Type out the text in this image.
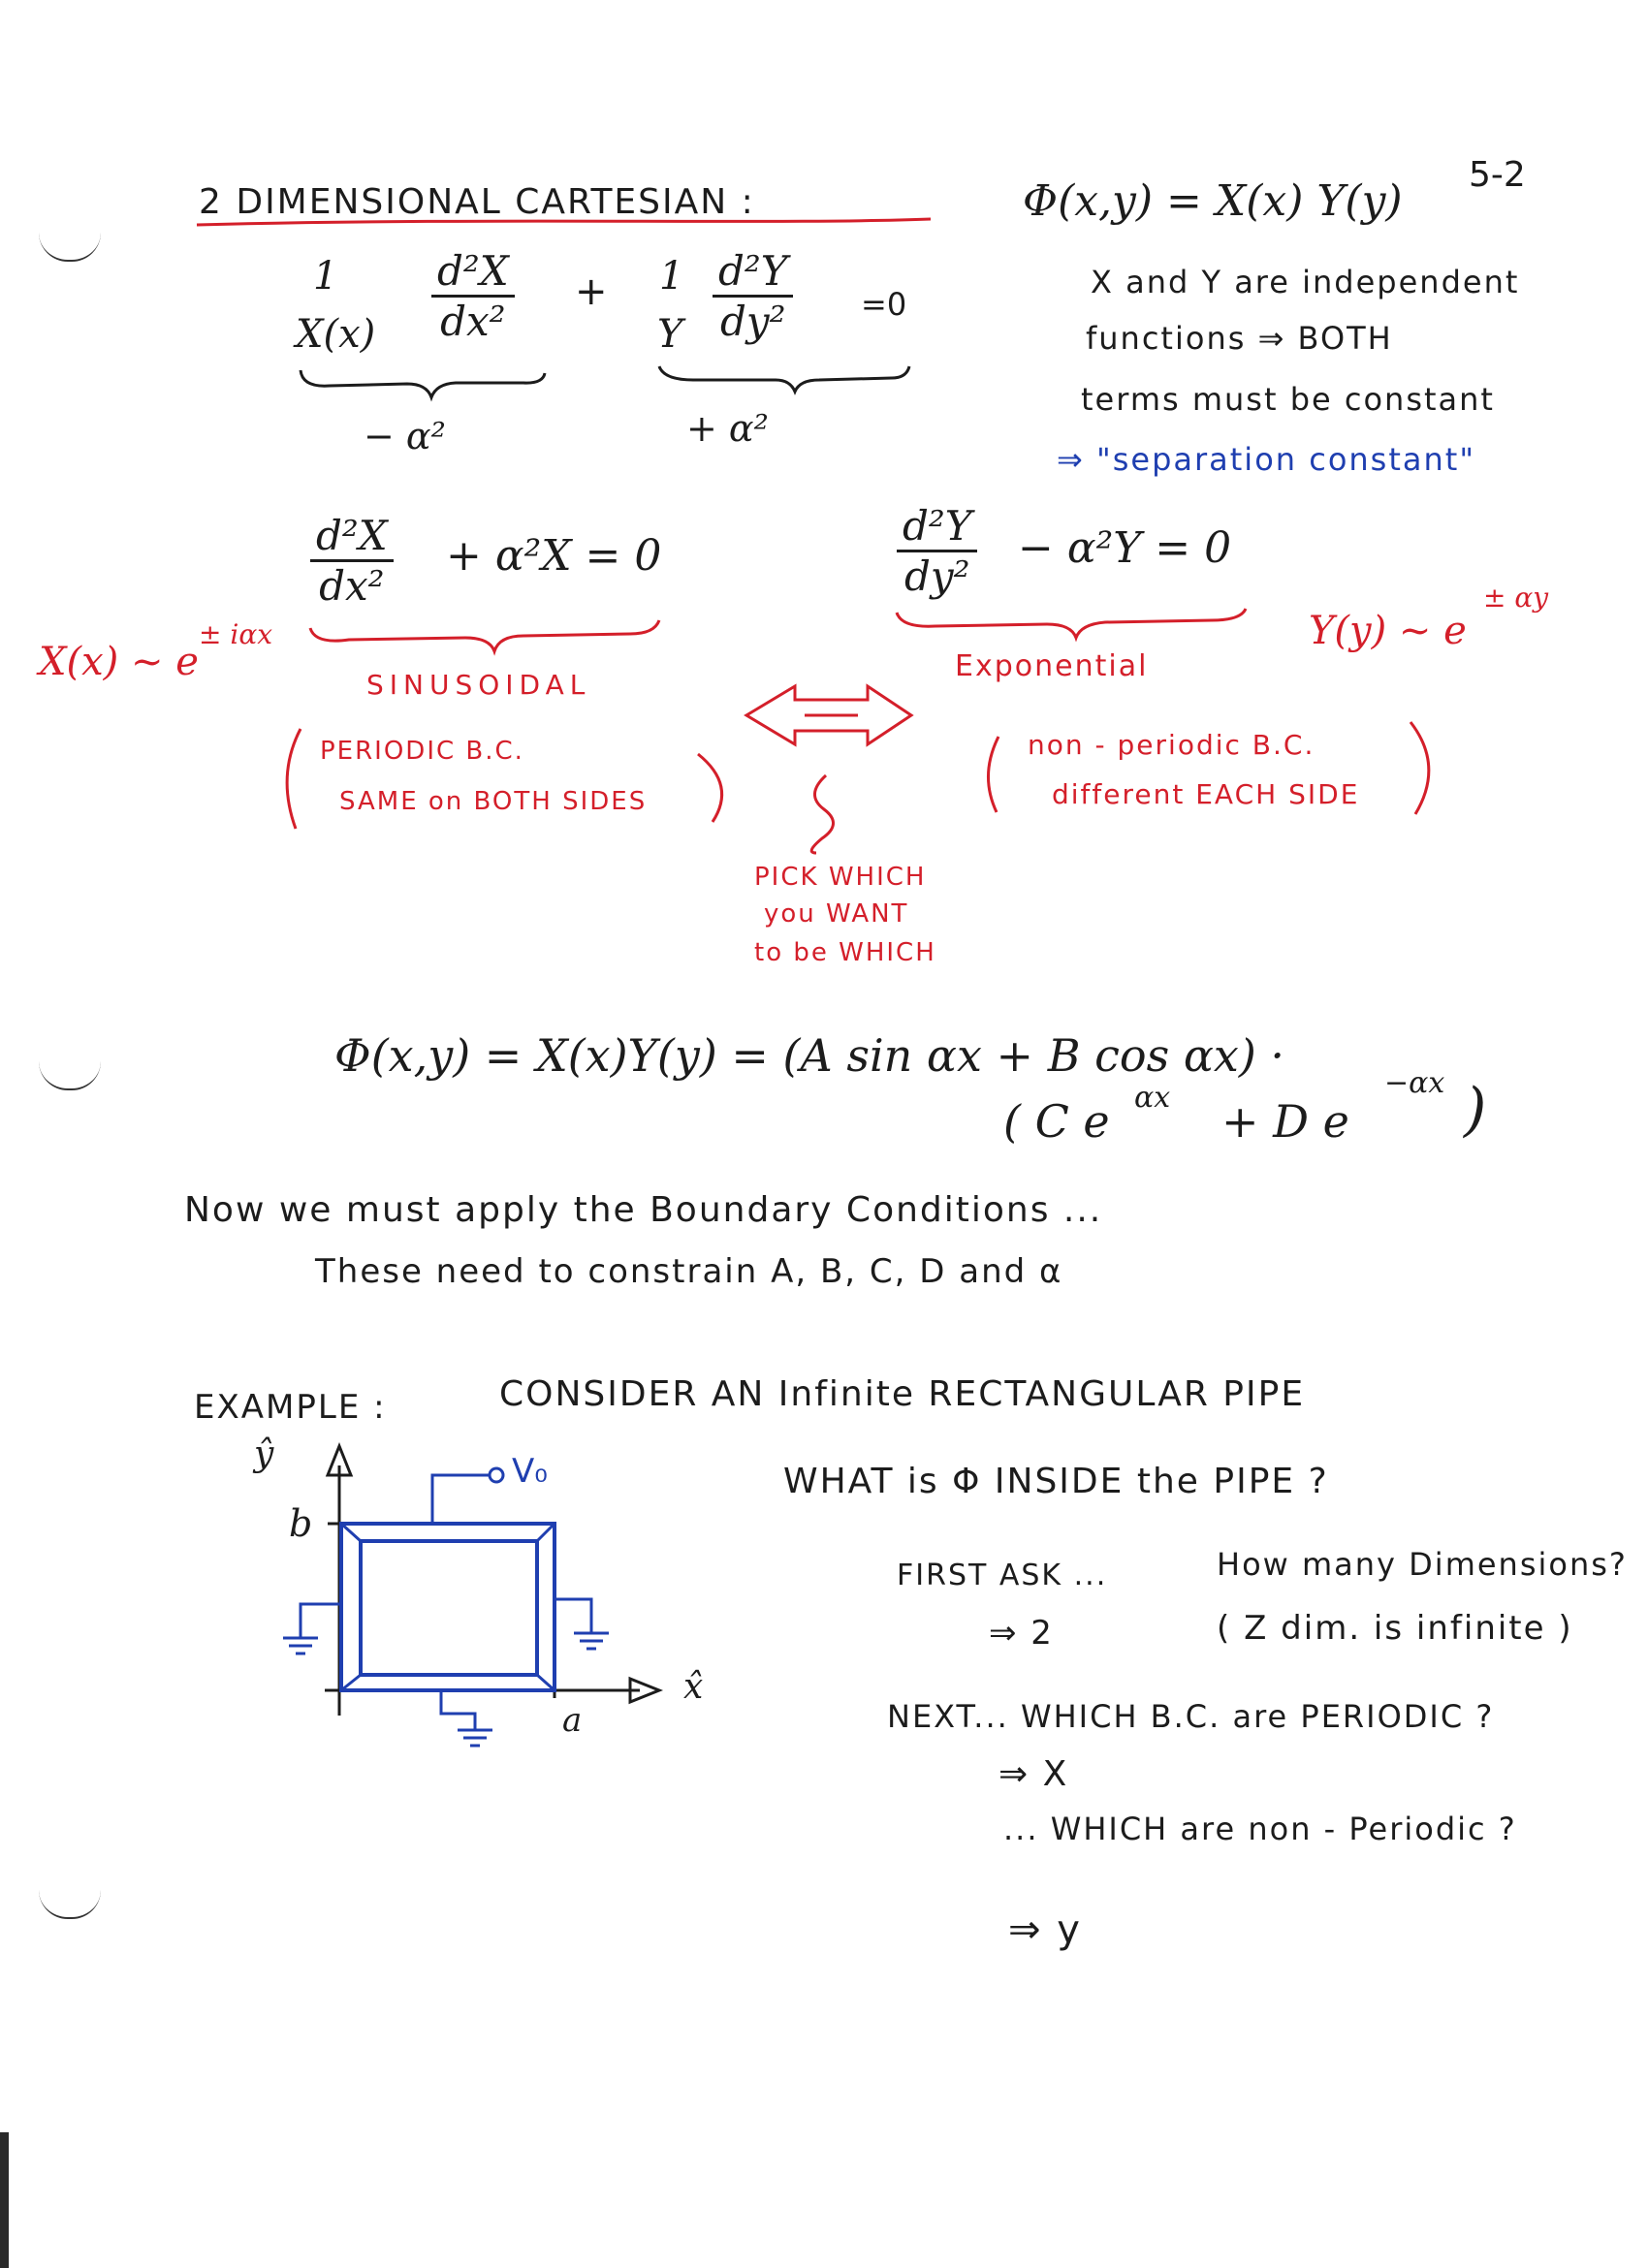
2 DIMENSIONAL CARTESIAN :	Φ(x,y) = X(x) Y(y)
5-2
1
$X(x) \frac{\text{d²X}}{\text{dx²}} + 1$
Y $\frac{\text{d²Y}}{\text{dy²}} =0$
− α²	+ α²
X and Y are independent
functions ⇒ BOTH
terms must be constant
⇒ "separation constant"
$\frac{\text{d²X}}{\text{dx²}} + \alpha^2X = 0$	$\frac{\text{d²Y}}{\text{dy²}} - \alpha^2Y = 0$
X(x) ~ e
± iαx	Y(y) ~ e
± αy
SINUSOIDAL
Exponential
PERIODIC B.C.
SAME on BOTH SIDES
non - periodic B.C.
different EACH SIDE
PICK WHICH
you WANT
to be WHICH
Φ(x,y) = X(x)Y(y) = (A sin αx + B cos αx) ·
( C e αx + D e
−αx )
Now we must apply the Boundary Conditions ...
These need to constrain A, B, C, D and α
EXAMPLE :	CONSIDER AN Infinite RECTANGULAR PIPE
WHAT is Φ INSIDE the PIPE ?
FIRST ASK ...	How many Dimensions?
⇒ 2	( Z dim. is infinite )
NEXT... WHICH B.C. are PERIODIC ?
⇒ X
... WHICH are non - Periodic ?
⇒ y
ŷ
b
a
x̂
V₀
